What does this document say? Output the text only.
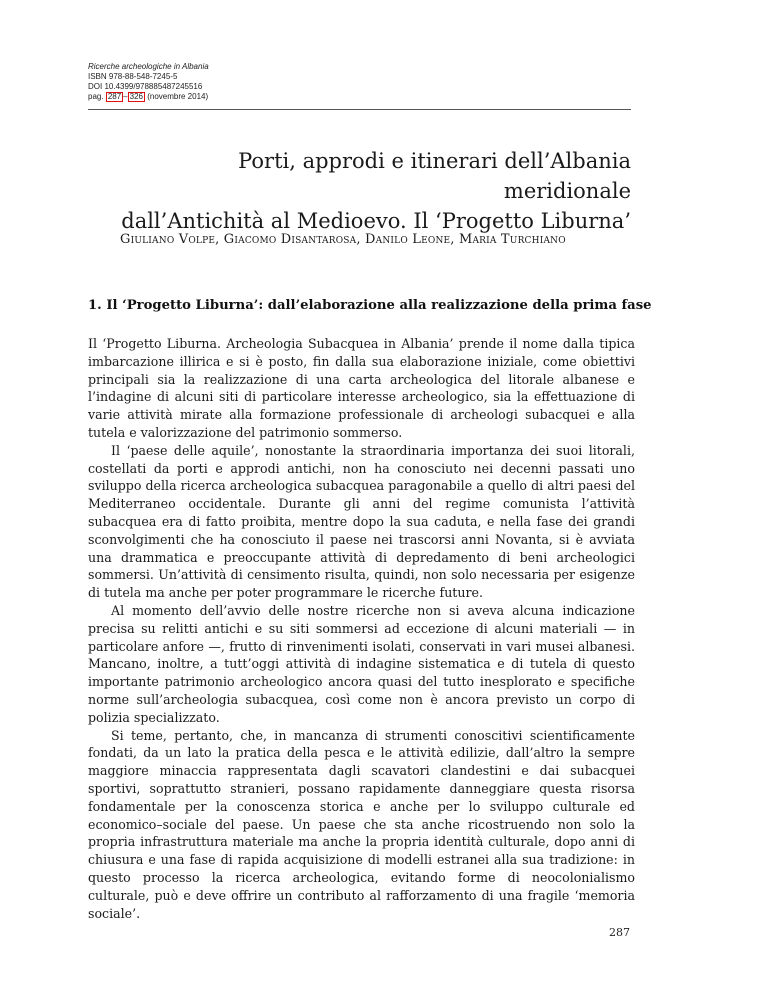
Ricerche archeologiche in Albania
ISBN 978-88-548-7245-5
DOI 10.4399/978885487245516
pag. 287 – 326 (novembre 2014)
Porti, approdi e itinerari dell’Albania meridionale
dall’Antichità al Medioevo. Il ‘Progetto Liburna’
Giuliano Volpe, Giacomo Disantarosa, Danilo Leone, Maria Turchiano
1. Il ‘Progetto Liburna’: dall’elaborazione alla realizzazione della prima fase

Il ‘Progetto Liburna. Archeologia Subacquea in Albania’ prende il nome dalla tipica imbarcazione illirica e si è posto, fin dalla sua elaborazione iniziale, come obiettivi principali sia la realizzazione di una carta archeologica del litorale albanese e l’indagine di alcuni siti di particolare interesse archeologico, sia la effettuazione di varie attività mirate alla formazione professionale di archeologi subacquei e alla tutela e valorizzazione del patrimonio sommerso.

Il ‘paese delle aquile’, nonostante la straordinaria importanza dei suoi litorali, costellati da porti e approdi antichi, non ha conosciuto nei decenni passati uno sviluppo della ricerca archeologica subacquea paragonabile a quello di altri paesi del Mediterraneo occidentale. Durante gli anni del regime comunista l’attività subacquea era di fatto proibita, mentre dopo la sua caduta, e nella fase dei grandi sconvolgimenti che ha conosciuto il paese nei trascorsi anni Novanta, si è avviata una drammatica e preoccupante attività di depredamento di beni archeologici sommersi. Un’attività di censimento risulta, quindi, non solo necessaria per esigenze di tutela ma anche per poter programmare le ricerche future.

Al momento dell’avvio delle nostre ricerche non si aveva alcuna indicazione precisa su relitti antichi e su siti sommersi ad eccezione di alcuni materiali — in particolare anfore —, frutto di rinvenimenti isolati, conservati in vari musei albanesi. Mancano, inoltre, a tutt’oggi attività di indagine sistematica e di tutela di questo importante patrimonio archeologico ancora quasi del tutto inesplorato e specifiche norme sull’archeologia subacquea, così come non è ancora previsto un corpo di polizia specializzato.

Si teme, pertanto, che, in mancanza di strumenti conoscitivi scientificamente fondati, da un lato la pratica della pesca e le attività edilizie, dall’altro la sempre maggiore minaccia rappresentata dagli scavatori clandestini e dai subacquei sportivi, soprattutto stranieri, possano rapidamente danneggiare questa risorsa fondamentale per la conoscenza storica e anche per lo sviluppo culturale ed economico–sociale del paese. Un paese che sta anche ricostruendo non solo la propria infrastruttura materiale ma anche la propria identità culturale, dopo anni di chiusura e una fase di rapida acquisizione di modelli estranei alla sua tradizione: in questo processo la ricerca archeologica, evitando forme di neocolonialismo culturale, può e deve offrire un contributo al rafforzamento di una fragile ‘memoria sociale’.

287
